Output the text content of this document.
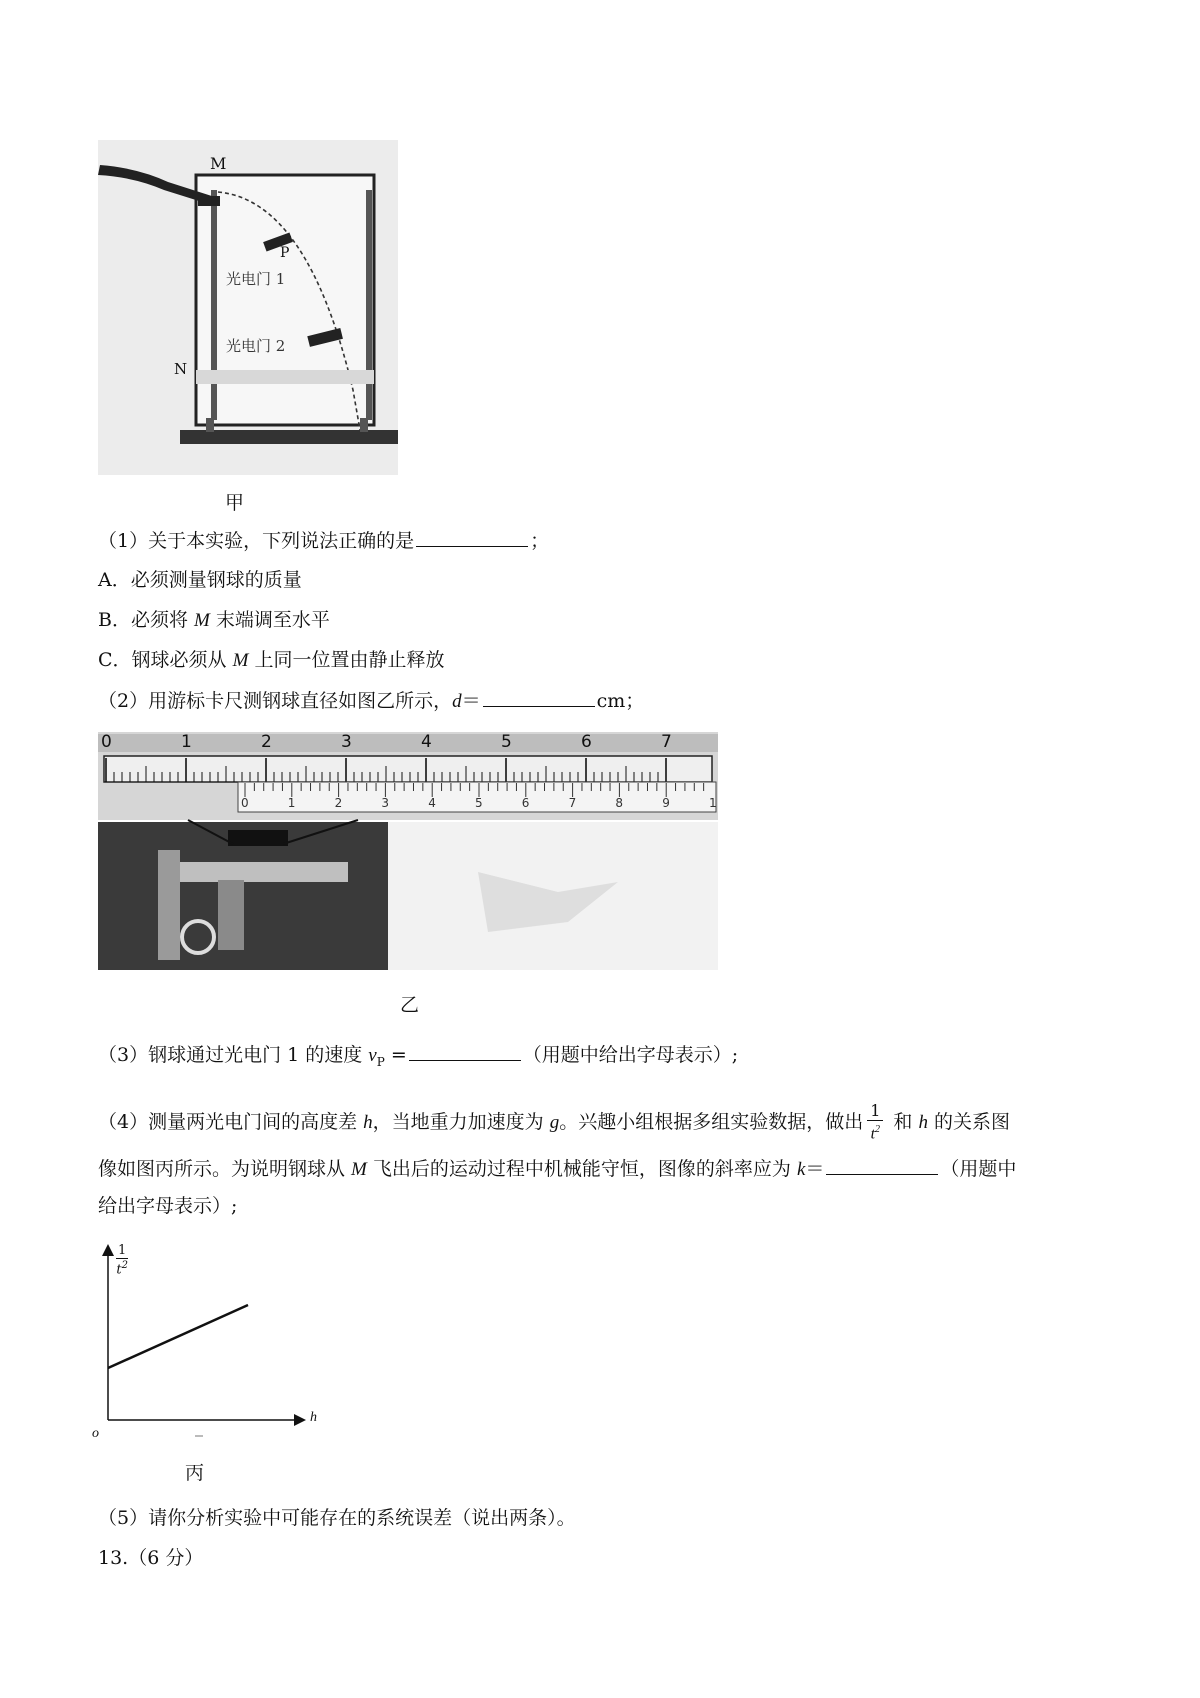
M
P
光电门 1
光电门 2
N
甲
（1）关于本实验，下列说法正确的是	；
A．必须测量钢球的质量
B．必须将 M 末端调至水平
C．钢球必须从 M 上同一位置由静止释放
（2）用游标卡尺测钢球直径如图乙所示，d＝	cm；
0	1	2	3	4	5	6	7
0	1	2	3	4	5	6	7	8	9	1
乙
（3）钢球通过光电门 1 的速度 $v_P$ =	（用题中给出字母表示）;
（4）测量两光电门间的高度差 h，当地重力加速度为 g。兴趣小组根据多组实验数据，做出 $\frac{1}{t^2}$ 和 h 的关系图
像如图丙所示。为说明钢球从 M 飞出后的运动过程中机械能守恒，图像的斜率应为 k＝	（用题中
给出字母表示）;
1
$t^2$
h
o
丙
（5）请你分析实验中可能存在的系统误差（说出两条）。
13.（6 分）
